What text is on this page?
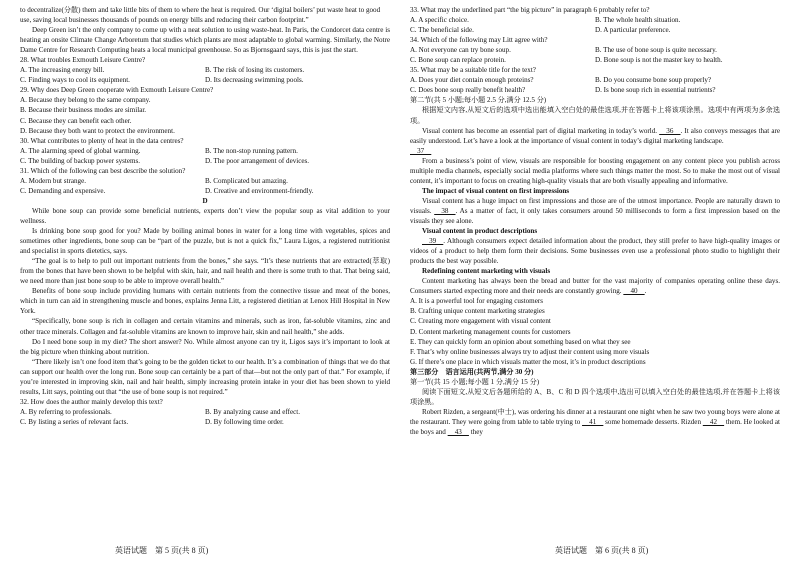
to decentralize(分散) them and take little bits of them to where the heat is required. Our ‘digital boilers’ put waste heat to good use, saving local businesses thousands of pounds on energy bills and reducing their carbon footprint.”
Deep Green isn’t the only company to come up with a neat solution to using waste-heat. In Paris, the Condorcet data centre is heating an onsite Climate Change Arboretum that studies which plants are most adaptable to global warming. Similarly, the Notre Dame Centre for Research Computing heats a local municipal greenhouse. So as Bjornsgaard says, this is just the start.
28. What troubles Exmouth Leisure Centre?
A. The increasing energy bill.	B. The risk of losing its customers.
C. Finding ways to cool its equipment.	D. Its decreasing swimming pools.
29. Why does Deep Green cooperate with Exmouth Leisure Centre?
A. Because they belong to the same company.
B. Because their business modes are similar.
C. Because they can benefit each other.
D. Because they both want to protect the environment.
30. What contributes to plenty of heat in the data centres?
A. The alarming speed of global warming.	B. The non-stop running pattern.
C. The building of backup power systems.	D. The poor arrangement of devices.
31. Which of the following can best describe the solution?
A. Modern but strange.	B. Complicated but amazing.
C. Demanding and expensive.	D. Creative and environment-friendly.
D
While bone soup can provide some beneficial nutrients, experts don’t view the popular soup as vital addition to your wellness.
Is drinking bone soup good for you? Made by boiling animal bones in water for a long time with vegetables, spices and sometimes other ingredients, bone soup can be “part of the puzzle, but is not a quick fix,” Laura Ligos, a registered nutritionist and specialist in sports dietetics, says.
“The goal is to help to pull out important nutrients from the bones,” she says. “It’s these nutrients that are extracted(萃取) from the bones that have been shown to be helpful with skin, hair, and nail health and there is some truth to that. That being said, we need more than just bone soup to be able to improve overall health.”
Benefits of bone soup include providing humans with certain nutrients from the connective tissue and meat of the bones, which in turn can aid in strengthening muscle and bones, explains Jenna Litt, a registered dietitian at Lenox Hill Hospital in New York.
“Specifically, bone soup is rich in collagen and certain vitamins and minerals, such as iron, fat-soluble vitamins, zinc and other trace minerals. Collagen and fat-soluble vitamins are known to improve hair, skin and nail health,” she adds.
Do I need bone soup in my diet? The short answer? No. While almost anyone can try it, Ligos says it’s important to look at the big picture when thinking about nutrition.
“There likely isn’t one food item that’s going to be the golden ticket to our health. It’s a combination of things that we do that can support our health over the long run. Bone soup can certainly be a part of that—but not the only part of that.” For example, if you’re interested in improving skin, nail and hair health, simply increasing protein intake in your diet has been shown to yield results, Litt says, pointing out that “the use of bone soup is not required.”
32. How does the author mainly develop this text?
A. By referring to professionals.	B. By analyzing cause and effect.
C. By listing a series of relevant facts.	D. By following time order.
33. What may the underlined part “the big picture” in paragraph 6 probably refer to?
A. A specific choice.	B. The whole health situation.
C. The beneficial side.	D. A particular preference.
34. Which of the following may Litt agree with?
A. Not everyone can try bone soup.	B. The use of bone soup is quite necessary.
C. Bone soup can replace protein.	D. Bone soup is not the master key to health.
35. What may be a suitable title for the text?
A. Does your diet contain enough proteins?	B. Do you consume bone soup properly?
C. Does bone soup really benefit health?	D. Is bone soup rich in essential nutrients?
第二节(共 5 小题;每小题 2.5 分,满分 12.5 分)
根据短文内容,从短文后的选项中选出能填入空白处的最佳选项,并在答题卡上将该项涂黑。选项中有两项为多余选项。
Visual content has become an essential part of digital marketing in today’s world.  36 . It also conveys messages that are easily understood. Let’s have a look at the importance of visual content in today’s digital marketing landscape.
 37 
From a business’s point of view, visuals are responsible for boosting engagement on any content piece you publish across multiple media channels, especially social media platforms where such things matter the most. So to make the most out of visual content, it’s important to focus on creating high-quality visuals that are both visually appealing and informative.
The impact of visual content on first impressions
Visual content has a huge impact on first impressions and those are of the utmost importance. People are naturally drawn to visuals.  38 . As a matter of fact, it only takes consumers around 50 milliseconds to form a first impression based on the visuals they see alone.
Visual content in product descriptions
 39 . Although consumers expect detailed information about the product, they still prefer to have high-quality images or videos of a product to help them form their decisions. Some businesses even use a professional photo studio to highlight their products the best way possible.
Redefining content marketing with visuals
Content marketing has always been the bread and butter for the vast majority of companies operating online these days. Consumers started expecting more and their needs are constantly growing.  40 .
A. It is a powerful tool for engaging customers
B. Crafting unique content marketing strategies
C. Creating more engagement with visual content
D. Content marketing management counts for customers
E. They can quickly form an opinion about something based on what they see
F. That’s why online businesses always try to adjust their content using more visuals
G. If there’s one place in which visuals matter the most, it’s in product descriptions
第三部分　语言运用(共两节,满分 30 分)
第一节(共 15 小题;每小题 1 分,满分 15 分)
阅读下面短文,从短文后各题所给的 A、B、C 和 D 四个选项中,选出可以填入空白处的最佳选项,并在答题卡上将该项涂黑。
Robert Rizden, a sergeant(中士), was ordering his dinner at a restaurant one night when he saw two young boys were alone at the restaurant. They were going from table to table trying to  41  some homemade desserts. Rizden  42  them. He looked at the boys and  43  they
英语试题　第 5 页(共 8 页)	英语试题　第 6 页(共 8 页)
